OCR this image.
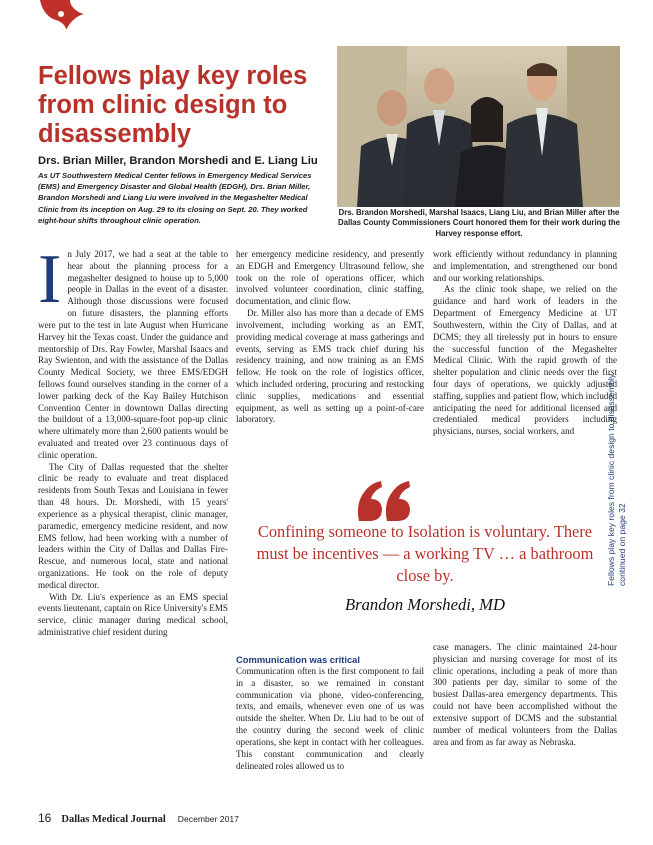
Fellows play key roles from clinic design to disassembly
Drs. Brian Miller, Brandon Morshedi and E. Liang Liu
As UT Southwestern Medical Center fellows in Emergency Medical Services (EMS) and Emergency Disaster and Global Health (EDGH), Drs. Brian Miller, Brandon Morshedi and Liang Liu were involved in the Megashelter Medical Clinic from its inception on Aug. 29 to its closing on Sept. 20. They worked eight-hour shifts throughout clinic operation.
Drs. Brandon Morshedi, Marshal Isaacs, Liang Liu, and Brian Miller after the Dallas County Commissioners Court honored them for their work during the Harvey response effort.
I n July 2017, we had a seat at the table to hear about the planning process for a megashelter designed to house up to 5,000 people in Dallas in the event of a disaster. Although those discussions were focused on future disasters, the planning efforts were put to the test in late August when Hurricane Harvey hit the Texas coast. Under the guidance and mentorship of Drs. Ray Fowler, Marshal Isaacs and Ray Swienton, and with the assistance of the Dallas County Medical Society, we three EMS/EDGH fellows found ourselves standing in the corner of a lower parking deck of the Kay Bailey Hutchison Convention Center in downtown Dallas directing the buildout of a 13,000-square-foot pop-up clinic where ultimately more than 2,600 patients would be evaluated and treated over 23 continuous days of clinic operation.

The City of Dallas requested that the shelter clinic be ready to evaluate and treat displaced residents from South Texas and Louisiana in fewer than 48 hours. Dr. Morshedi, with 15 years' experience as a physical therapist, clinic manager, paramedic, emergency medicine resident, and now EMS fellow, had been working with a number of leaders within the City of Dallas and Dallas Fire-Rescue, and numerous local, state and national organizations. He took on the role of deputy medical director.

With Dr. Liu's experience as an EMS special events lieutenant, captain on Rice University's EMS service, clinic manager during medical school, administrative chief resident during

her emergency medicine residency, and presently an EDGH and Emergency Ultrasound fellow, she took on the role of operations officer, which involved volunteer coordination, clinic staffing, documentation, and clinic flow.

Dr. Miller also has more than a decade of EMS involvement, including working as an EMT, providing medical coverage at mass gatherings and events, serving as EMS track chief during his residency training, and now training as an EMS fellow. He took on the role of logistics officer, which included ordering, procuring and restocking clinic supplies, medications and essential equipment, as well as setting up a point-of-care laboratory.

work efficiently without redundancy in planning and implementation, and strengthened our bond and our working relationships.

As the clinic took shape, we relied on the guidance and hard work of leaders in the Department of Emergency Medicine at UT Southwestern, within the City of Dallas, and at DCMS; they all tirelessly put in hours to ensure the successful function of the Megashelter Medical Clinic. With the rapid growth of the shelter population and clinic needs over the first four days of operations, we quickly adjusted staffing, supplies and patient flow, which included anticipating the need for additional licensed and credentialed medical providers including physicians, nurses, social workers, and

Confining someone to Isolation is voluntary. There must be incentives — a working TV … a bathroom close by.
Brandon Morshedi, MD

Communication was critical

Communication often is the first component to fail in a disaster, so we remained in constant communication via phone, video-conferencing, texts, and emails, whenever even one of us was outside the shelter. When Dr. Liu had to be out of the country during the second week of clinic operations, she kept in contact with her colleagues. This constant communication and clearly delineated roles allowed us to

case managers. The clinic maintained 24-hour physician and nursing coverage for most of its clinic operations, including a peak of more than 300 patients per day, similar to some of the busiest Dallas-area emergency departments. This could not have been accomplished without the extensive support of DCMS and the substantial number of medical volunteers from the Dallas area and from as far away as Nebraska.

Fellows play key roles from clinic design to disassembly continued on page 32
16 Dallas Medical Journal December 2017
